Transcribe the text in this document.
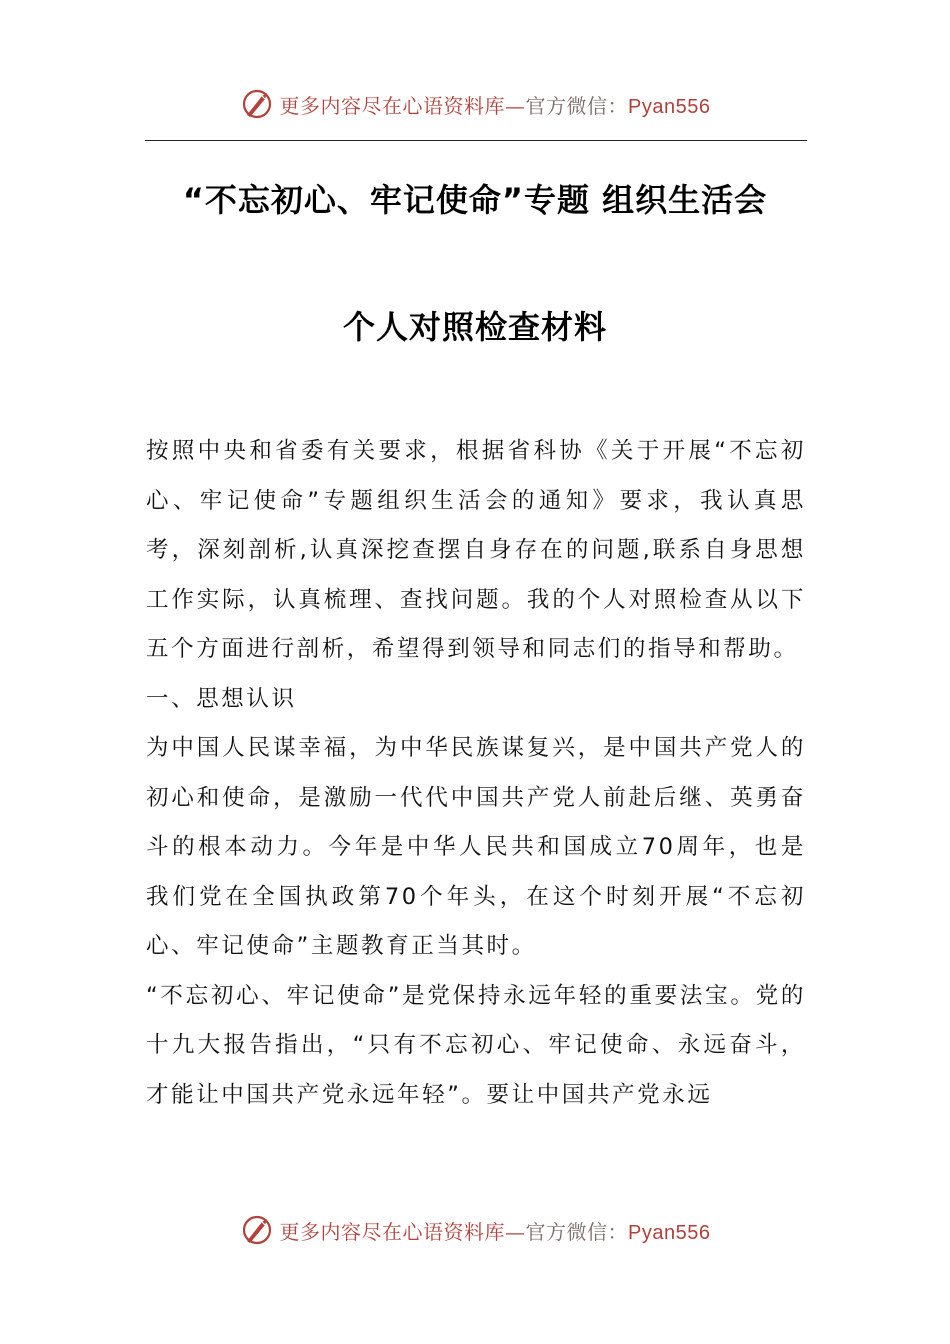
更多内容尽在心语资料库—官方微信：Pyan556
“不忘初心、牢记使命”专题 组织生活会
个人对照检查材料

按照中央和省委有关要求，根据省科协《关于开展“不忘初心、牢记使命”专题组织生活会的通知》要求，我认真思考，深刻剖析,认真深挖查摆自身存在的问题,联系自身思想工作实际，认真梳理、查找问题。我的个人对照检查从以下五个方面进行剖析，希望得到领导和同志们的指导和帮助。

一、思想认识

为中国人民谋幸福，为中华民族谋复兴，是中国共产党人的初心和使命，是激励一代代中国共产党人前赴后继、英勇奋斗的根本动力。今年是中华人民共和国成立70周年，也是我们党在全国执政第70个年头，在这个时刻开展“不忘初心、牢记使命”主题教育正当其时。

“不忘初心、牢记使命”是党保持永远年轻的重要法宝。党的十九大报告指出，“只有不忘初心、牢记使命、永远奋斗，才能让中国共产党永远年轻”。要让中国共产党永远

更多内容尽在心语资料库—官方微信：Pyan556
